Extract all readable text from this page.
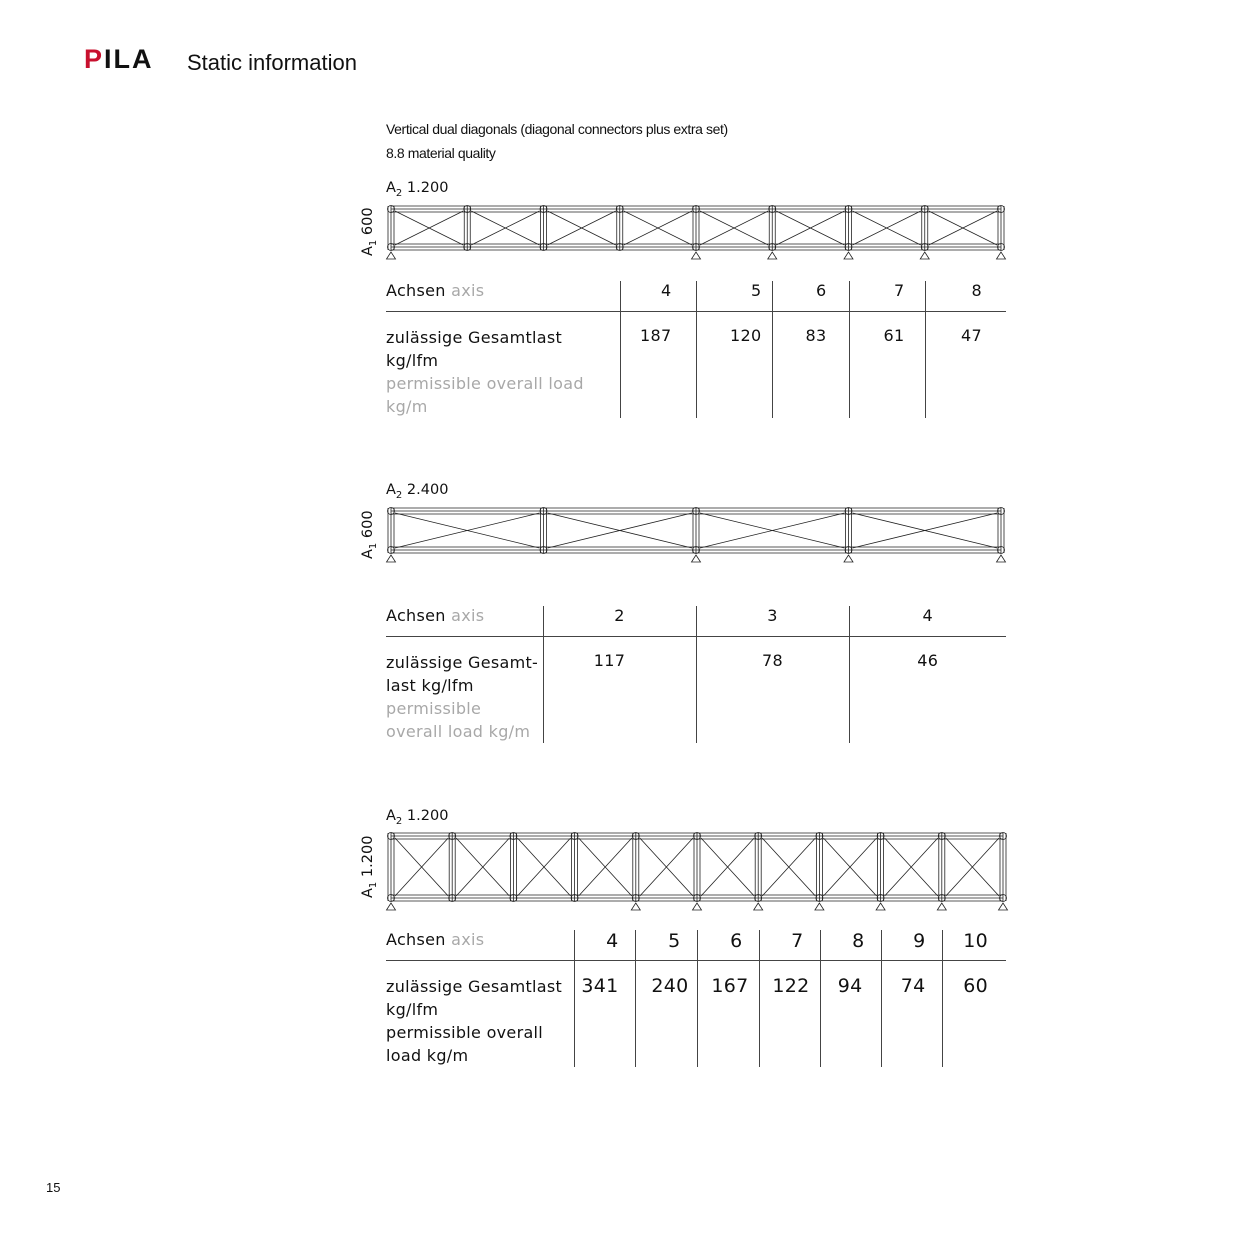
PILA Static information
Vertical dual diagonals (diagonal connectors plus extra set)
8.8 material quality
$A_2$ 1.200
$A_1$ 600
Achsen axis	4	5	6	7	8

zulässige Gesamtlast kg/lfm
permissible overall load kg/m	187	120	83	61	47
$A_2$ 2.400
$A_1$ 600
Achsen axis	2	3	4

zulässige Gesamt-last kg/lfm
permissible overall load kg/m	117	78	46
$A_2$ 1.200
$A_1$ 1.200
Achsen axis	4	5	6	7	8	9	10

zulässige Gesamtlast kg/lfm
permissible overall load kg/m	341	240	167	122	94	74	60
15
